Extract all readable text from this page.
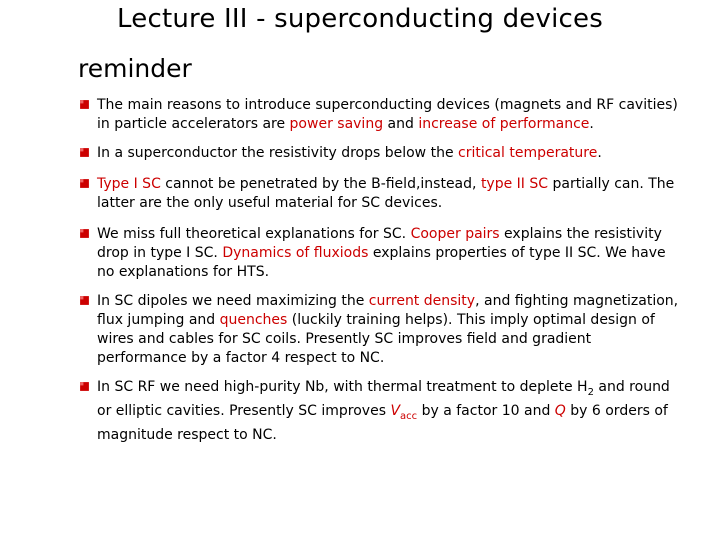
Lecture III - superconducting devices
reminder
The main reasons to introduce superconducting devices (magnets and RF cavities) in particle accelerators are power saving and increase of performance.
In a superconductor the resistivity drops below the critical temperature.
Type I SC cannot be penetrated by the B-field,instead, type II SC partially can. The latter are the only useful material for SC devices.
We miss full theoretical explanations for SC. Cooper pairs explains the resistivity drop in type I SC. Dynamics of fluxiods explains properties of type II SC. We have no explanations for HTS.
In SC dipoles we need maximizing the current density, and fighting magnetization, flux jumping and quenches (luckily training helps). This imply optimal design of wires and cables for SC coils. Presently SC improves field and gradient performance by a factor 4 respect to NC.
In SC RF we need high-purity Nb, with thermal treatment to deplete $H_2$ and round or elliptic cavities. Presently SC improves $V_{acc}$ by a factor 10 and Q by 6 orders of magnitude respect to NC.
